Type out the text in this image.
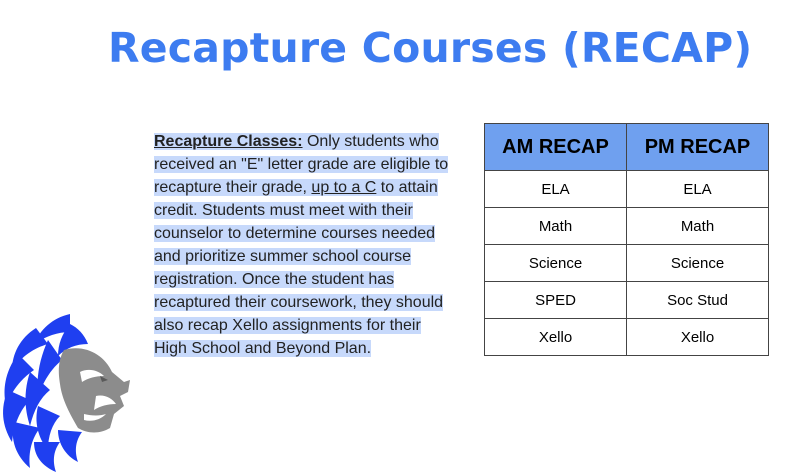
Recapture Courses (RECAP)
Recapture Classes: Only students who received an "E" letter grade are eligible to recapture their grade, up to a C to attain credit. Students must meet with their counselor to determine courses needed and prioritize summer school course registration. Once the student has recaptured their coursework, they should also recap Xello assignments for their High School and Beyond Plan.
AM RECAP	PM RECAP
ELA	ELA
Math	Math
Science	Science
SPED	Soc Stud
Xello	Xello
